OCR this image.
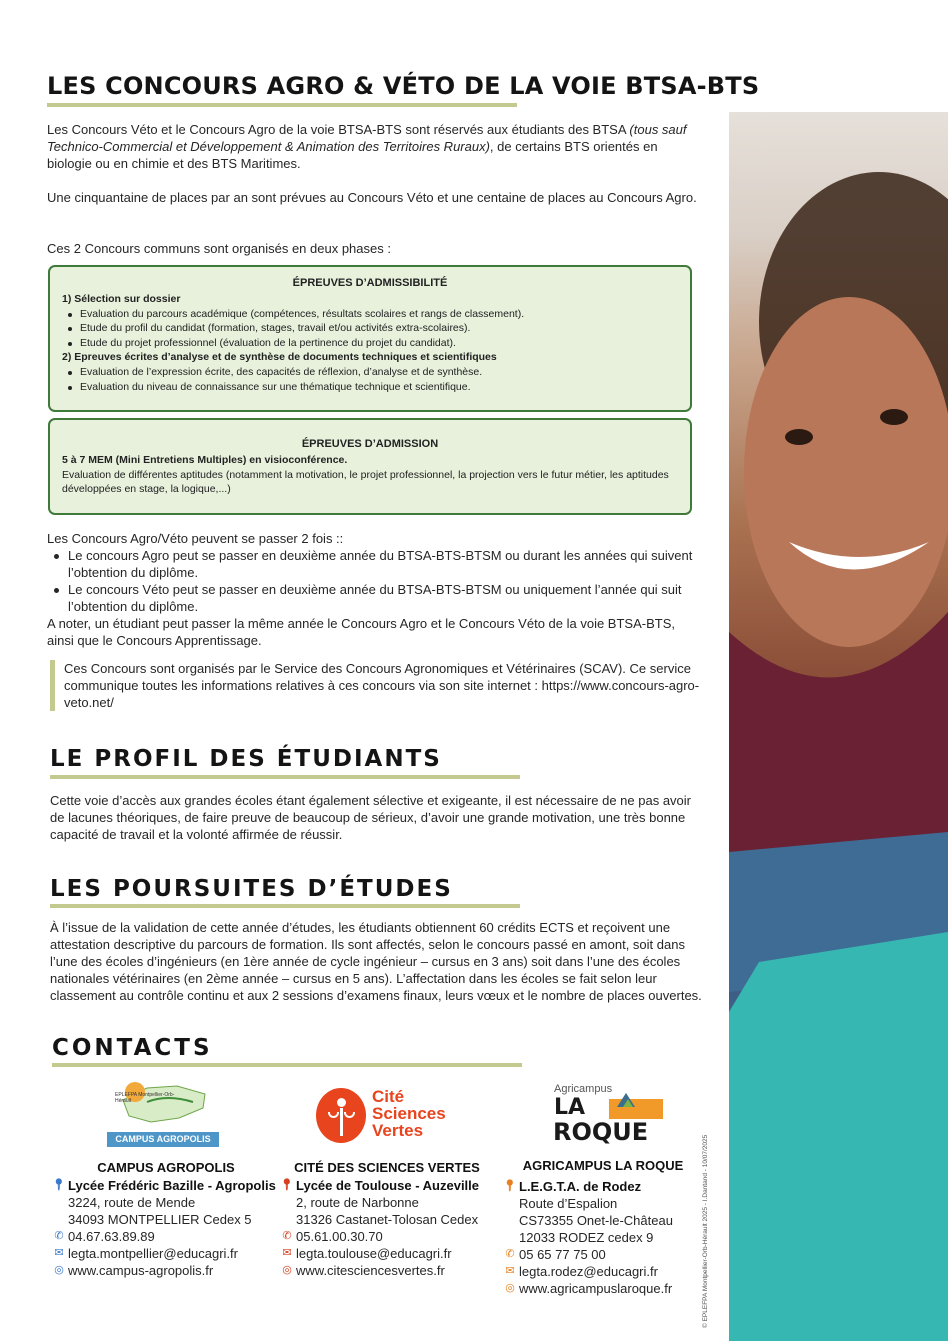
LES CONCOURS AGRO & VÉTO DE LA VOIE BTSA-BTS
Les Concours Véto et le Concours Agro de la voie BTSA-BTS sont réservés aux étudiants des BTSA (tous sauf Technico-Commercial et Développement & Animation des Territoires Ruraux), de certains BTS orientés en biologie ou en chimie et des BTS Maritimes.
Une cinquantaine de places par an sont prévues au Concours Véto et une centaine de places au Concours Agro.
Ces 2 Concours communs sont organisés en deux phases :
ÉPREUVES D’ADMISSIBILITÉ
1) Sélection sur dossier
Evaluation du parcours académique (compétences, résultats scolaires et rangs de classement).
Etude du profil du candidat (formation, stages, travail et/ou activités extra-scolaires).
Etude du projet professionnel (évaluation de la pertinence du projet du candidat).
2) Epreuves écrites d’analyse et de synthèse de documents techniques et scientifiques
Evaluation de l’expression écrite, des capacités de réflexion, d’analyse et de synthèse.
Evaluation du niveau de connaissance sur une thématique technique et scientifique.
ÉPREUVES D’ADMISSION
5 à 7 MEM (Mini Entretiens Multiples) en visioconférence.
Evaluation de différentes aptitudes (notamment la motivation, le projet professionnel, la projection vers le futur métier, les aptitudes développées en stage, la logique,...)
Les Concours Agro/Véto peuvent se passer 2 fois ::
Le concours Agro peut se passer en deuxième année du BTSA-BTS-BTSM ou durant les années qui suivent l’obtention du diplôme.
Le concours Véto peut se passer en deuxième année du BTSA-BTS-BTSM ou uniquement l’année qui suit l’obtention du diplôme.
A noter, un étudiant peut passer la même année le Concours Agro et le Concours Véto de la voie BTSA-BTS, ainsi que le Concours Apprentissage.
Ces Concours sont organisés par le Service des Concours Agronomiques et Vétérinaires (SCAV). Ce service communique toutes les informations relatives à ces concours via son site internet : https://www.concours-agro-veto.net/
LE PROFIL DES ÉTUDIANTS
Cette voie d’accès aux grandes écoles étant également sélective et exigeante, il est nécessaire de ne pas avoir de lacunes théoriques, de faire preuve de beaucoup de sérieux, d’avoir une grande motivation, une très bonne capacité de travail et la volonté affirmée de réussir.
LES POURSUITES D’ÉTUDES
À l’issue de la validation de cette année d’études, les étudiants obtiennent 60 crédits ECTS et reçoivent une attestation descriptive du parcours de formation. Ils sont affectés, selon le concours passé en amont, soit dans l’une des écoles d’ingénieurs (en 1ère année de cycle ingénieur – cursus en 3 ans) soit dans l’une des écoles nationales vétérinaires (en 2ème année – cursus en 5 ans). L’affectation dans les écoles se fait selon leur classement au contrôle continu et aux 2 sessions d’examens finaux, leurs vœux et le nombre de places ouvertes.
CONTACTS
EPLEFPA Montpellier-Orb-Hérault
CAMPUS AGROPOLIS
Cité
Sciences
Vertes
Agricampus
LA
ROQUE
CAMPUS AGROPOLIS
📍︎ Lycée Frédéric Bazille - Agropolis
3224, route de Mende
34093 MONTPELLIER Cedex 5
✆ 04.67.63.89.89
✉ legta.montpellier@educagri.fr
◎ www.campus-agropolis.fr
CITÉ DES SCIENCES VERTES
📍︎ Lycée de Toulouse - Auzeville
2, route de Narbonne
31326 Castanet-Tolosan Cedex
✆ 05.61.00.30.70
✉ legta.toulouse@educagri.fr
◎ www.citesciencesvertes.fr
AGRICAMPUS LA ROQUE
📍︎ L.E.G.T.A. de Rodez
Route d’Espalion
CS73355 Onet-le-Château
12033 RODEZ cedex 9
✆ 05 65 77 75 00
✉ legta.rodez@educagri.fr
◎ www.agricampuslaroque.fr	© EPLEFPA Montpellier-Orb-Hérault 2025 - I.Dantand - 10/07/2025
